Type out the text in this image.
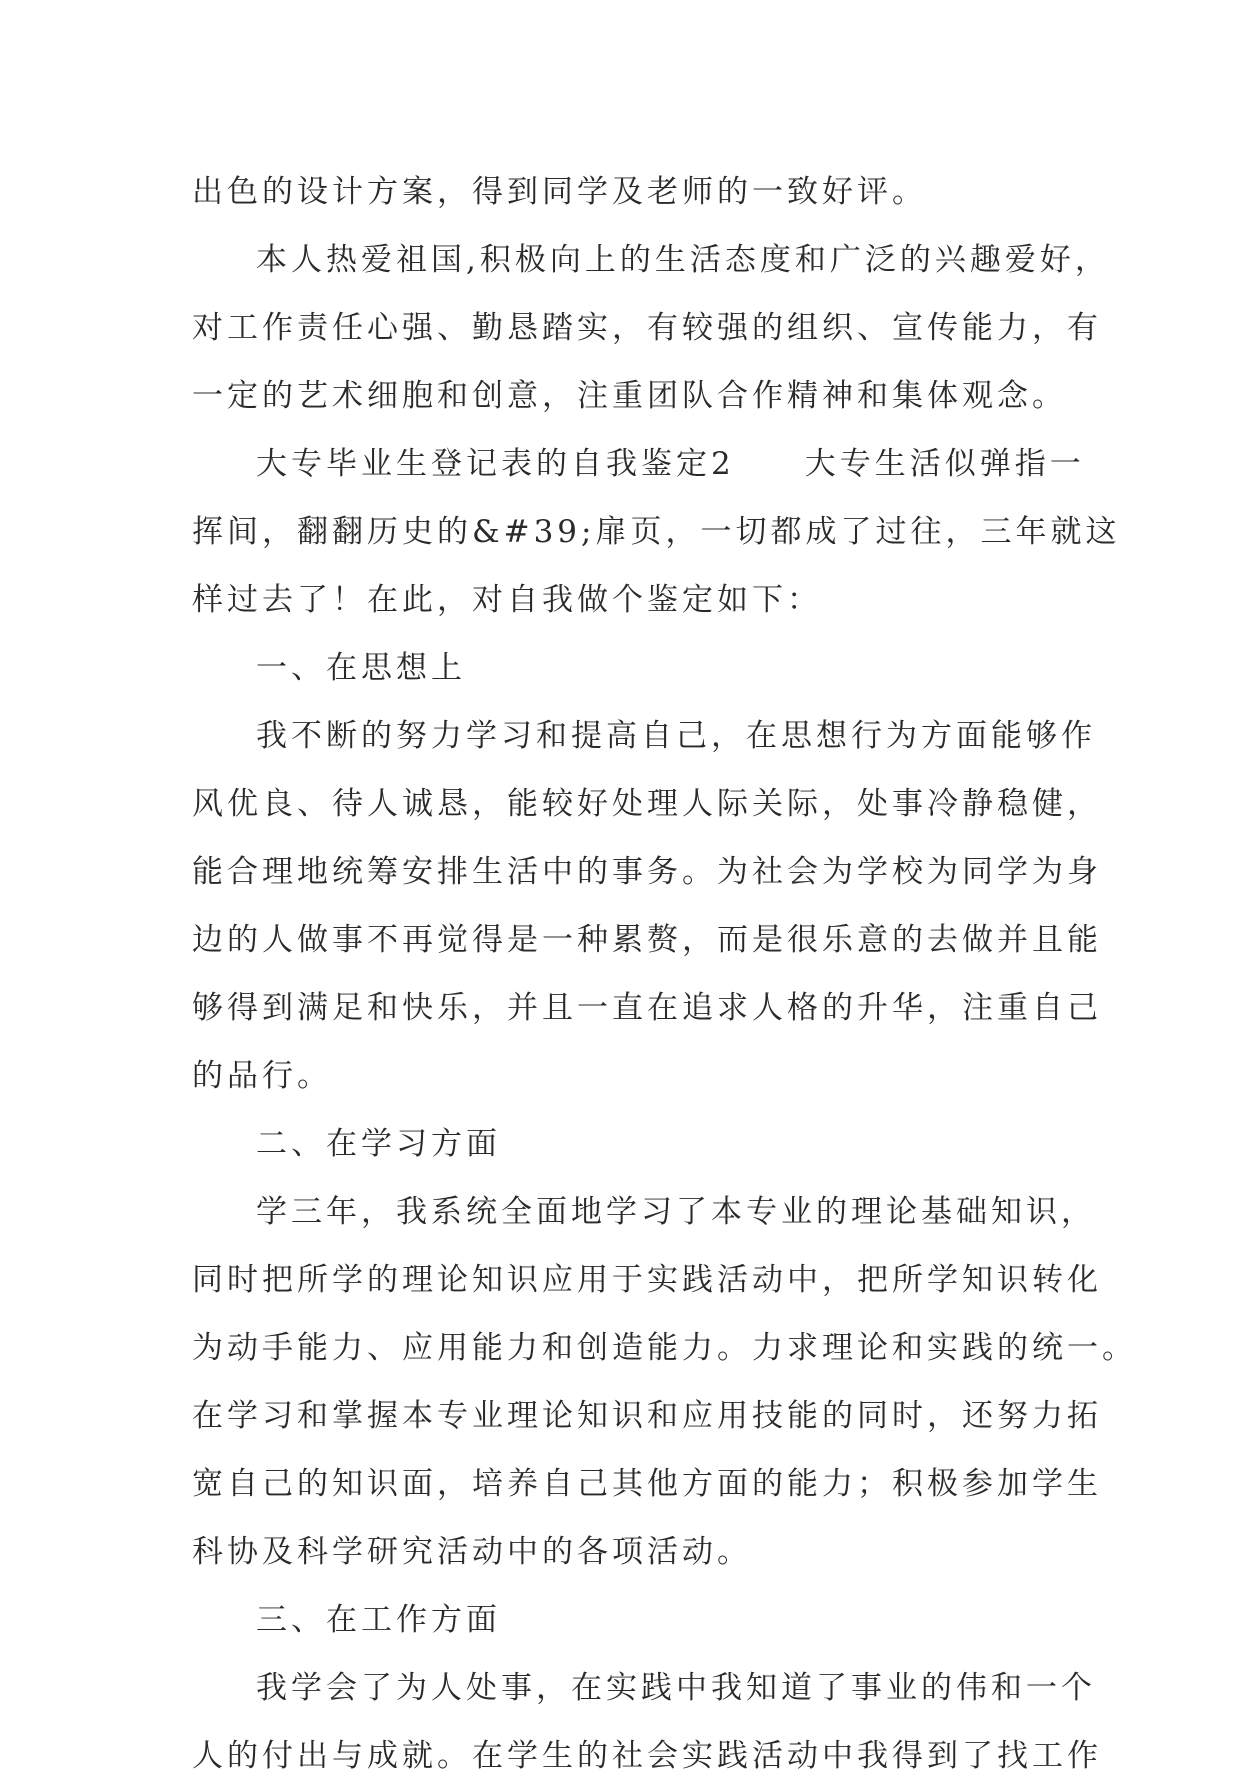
出色的设计方案，得到同学及老师的一致好评。
本人热爱祖国,积极向上的生活态度和广泛的兴趣爱好，
对工作责任心强、勤恳踏实，有较强的组织、宣传能力，有
一定的艺术细胞和创意，注重团队合作精神和集体观念。
大专毕业生登记表的自我鉴定2　　大专生活似弹指一
挥间，翻翻历史的&#39;扉页，一切都成了过往，三年就这
样过去了！在此，对自我做个鉴定如下：
一、在思想上
我不断的努力学习和提高自己，在思想行为方面能够作
风优良、待人诚恳，能较好处理人际关际，处事冷静稳健，
能合理地统筹安排生活中的事务。为社会为学校为同学为身
边的人做事不再觉得是一种累赘，而是很乐意的去做并且能
够得到满足和快乐，并且一直在追求人格的升华，注重自己
的品行。
二、在学习方面
学三年，我系统全面地学习了本专业的理论基础知识，
同时把所学的理论知识应用于实践活动中，把所学知识转化
为动手能力、应用能力和创造能力。力求理论和实践的统一。
在学习和掌握本专业理论知识和应用技能的同时，还努力拓
宽自己的知识面，培养自己其他方面的能力；积极参加学生
科协及科学研究活动中的各项活动。
三、在工作方面
我学会了为人处事，在实践中我知道了事业的伟和一个
人的付出与成就。在学生的社会实践活动中我得到了找工作
